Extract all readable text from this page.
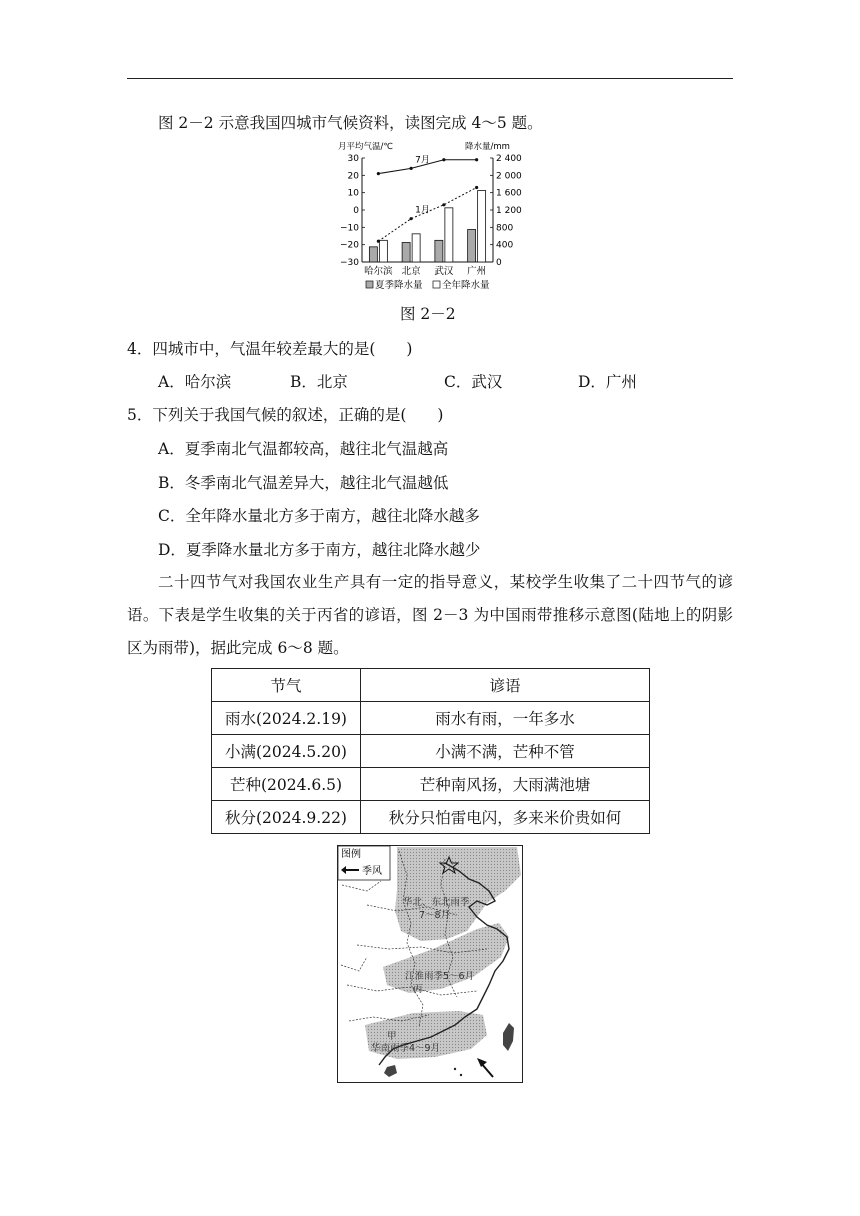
图 2－2 示意我国四城市气候资料，读图完成 4～5 题。
月平均气温/℃	降水量/mm
30
20
10
0
−10
−20
−30
2 400
2 000
1 600
1 200
800
400
0
哈尔滨 北京 武汉 广州
7月
1月
夏季降水量 全年降水量
图 2－2
4．四城市中，气温年较差最大的是(　　)
A．哈尔滨	B．北京	C．武汉	D．广州
5．下列关于我国气候的叙述，正确的是(　　)
A．夏季南北气温都较高，越往北气温越高
B．冬季南北气温差异大，越往北气温越低
C．全年降水量北方多于南方，越往北降水越多
D．夏季降水量北方多于南方，越往北降水越少
二十四节气对我国农业生产具有一定的指导意义，某校学生收集了二十四节气的谚语。下表是学生收集的关于丙省的谚语，图 2－3 为中国雨带推移示意图(陆地上的阴影区为雨带)，据此完成 6～8 题。
节气	谚语
雨水(2024.2.19)	雨水有雨，一年多水
小满(2024.5.20)	小满不满，芒种不管
芒种(2024.6.5)	芒种南风扬，大雨满池塘
秋分(2024.9.22)	秋分只怕雷电闪，多来米价贵如何
图例
季风
华北、东北雨季
7～8月
江淮雨季5～6月
丙
甲
华南雨季4～9月
